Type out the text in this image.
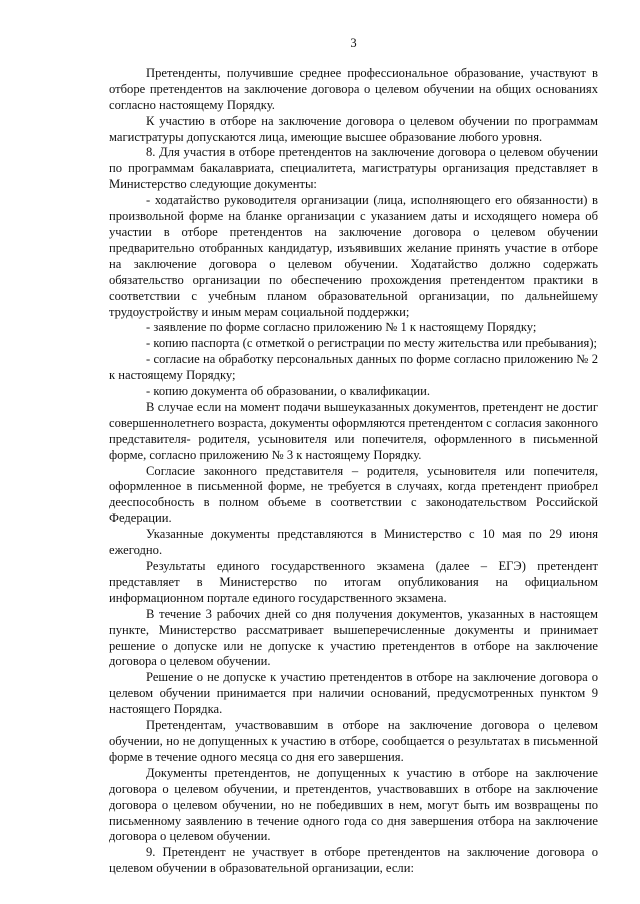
3

Претенденты, получившие среднее профессиональное образование, участвуют в отборе претендентов на заключение договора о целевом обучении на общих основаниях согласно настоящему Порядку.

К участию в отборе на заключение договора о целевом обучении по программам магистратуры допускаются лица, имеющие высшее образование любого уровня.

8. Для участия в отборе претендентов на заключение договора о целевом обучении по программам бакалавриата, специалитета, магистратуры организация представляет в Министерство следующие документы:

- ходатайство руководителя организации (лица, исполняющего его обязанности) в произвольной форме на бланке организации с указанием даты и исходящего номера об участии в отборе претендентов на заключение договора о целевом обучении предварительно отобранных кандидатур, изъявивших желание принять участие в отборе на заключение договора о целевом обучении. Ходатайство должно содержать обязательство организации по обеспечению прохождения претендентом практики в соответствии с учебным планом образовательной организации, по дальнейшему трудоустройству и иным мерам социальной поддержки;

- заявление по форме согласно приложению № 1 к настоящему Порядку;

- копию паспорта (с отметкой о регистрации по месту жительства или пребывания);

- согласие на обработку персональных данных по форме согласно приложению № 2 к настоящему Порядку;

- копию документа об образовании, о квалификации.

В случае если на момент подачи вышеуказанных документов, претендент не достиг совершеннолетнего возраста, документы оформляются претендентом с согласия законного представителя- родителя, усыновителя или попечителя, оформленного в письменной форме, согласно приложению № 3 к настоящему Порядку.

Согласие законного представителя – родителя, усыновителя или попечителя, оформленное в письменной форме, не требуется в случаях, когда претендент приобрел дееспособность в полном объеме в соответствии с законодательством Российской Федерации.

Указанные документы представляются в Министерство с 10 мая по 29 июня ежегодно.

Результаты единого государственного экзамена (далее – ЕГЭ) претендент представляет в Министерство по итогам опубликования на официальном информационном портале единого государственного экзамена.

В течение 3 рабочих дней со дня получения документов, указанных в настоящем пункте, Министерство рассматривает вышеперечисленные документы и принимает решение о допуске или не допуске к участию претендентов в отборе на заключение договора о целевом обучении.

Решение о не допуске к участию претендентов в отборе на заключение договора о целевом обучении принимается при наличии оснований, предусмотренных пунктом 9 настоящего Порядка.

Претендентам, участвовавшим в отборе на заключение договора о целевом обучении, но не допущенных к участию в отборе, сообщается о результатах в письменной форме в течение одного месяца со дня его завершения.

Документы претендентов, не допущенных к участию в отборе на заключение договора о целевом обучении, и претендентов, участвовавших в отборе на заключение договора о целевом обучении, но не победивших в нем, могут быть им возвращены по письменному заявлению в течение одного года со дня завершения отбора на заключение договора о целевом обучении.

9. Претендент не участвует в отборе претендентов на заключение договора о целевом обучении в образовательной организации, если:
